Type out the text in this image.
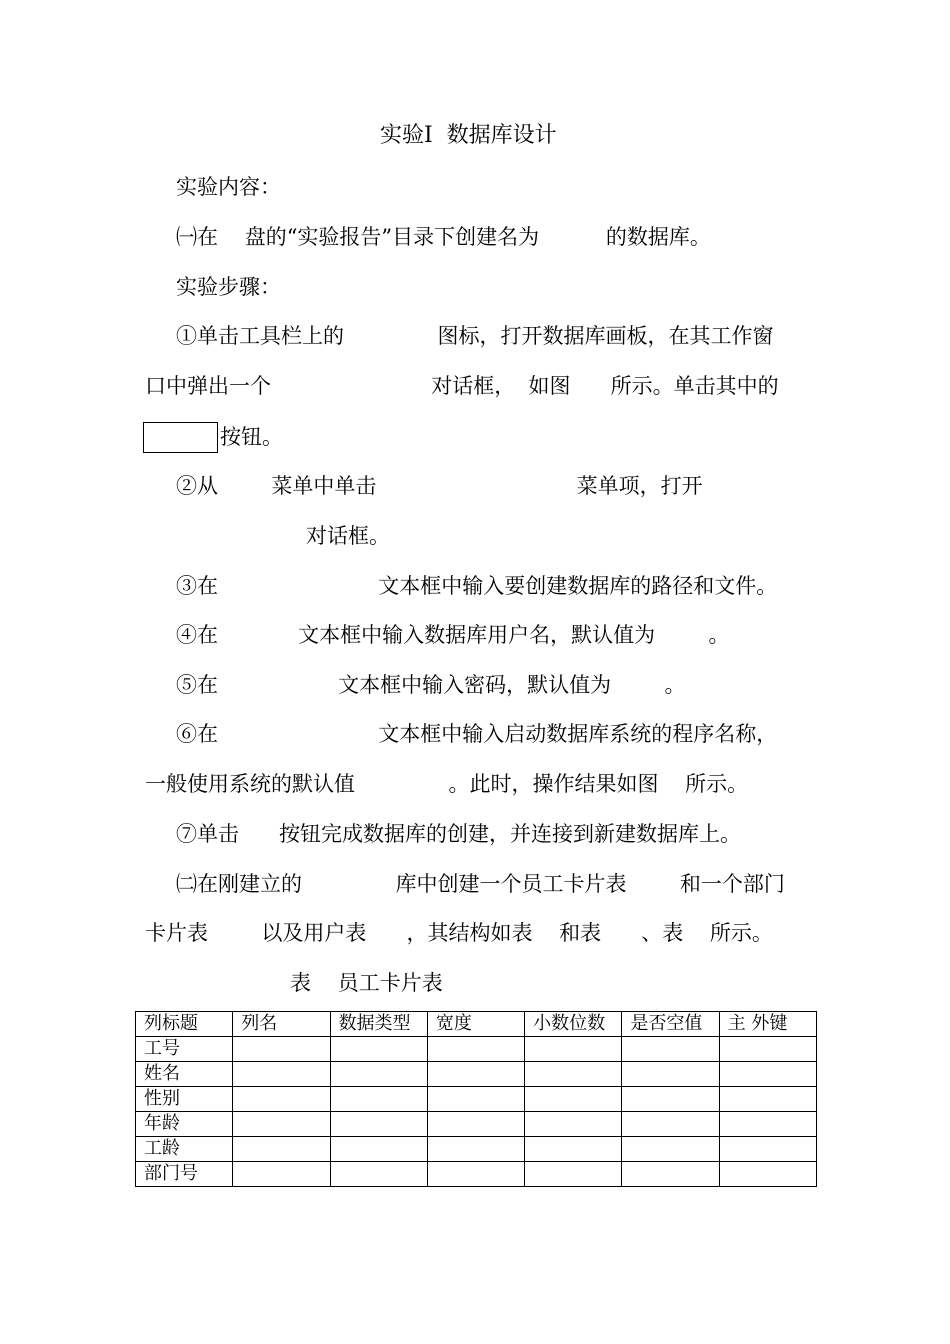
实验Ⅰ  数据库设计
实验内容：
㈠在    盘的“实验报告”目录下创建名为          的数据库。
实验步骤：
①单击工具栏上的              图标，打开数据库画板，在其工作窗
口中弹出一个                        对话框，  如图      所示。单击其中的
按钮。
②从        菜单中单击                              菜单项，打开
对话框。
③在                        文本框中输入要创建数据库的路径和文件。
④在            文本框中输入数据库用户名，默认值为        。
⑤在                  文本框中输入密码，默认值为        。
⑥在                        文本框中输入启动数据库系统的程序名称，
一般使用系统的默认值              。此时，操作结果如图    所示。
⑦单击      按钮完成数据库的创建，并连接到新建数据库上。
㈡在刚建立的              库中创建一个员工卡片表        和一个部门
卡片表        以及用户表      ，其结构如表    和表      、表    所示。
表    员工卡片表
列标题	列名	数据类型	宽度	小数位数	是否空值	主 外键
工号						
姓名						
性别						
年龄						
工龄						
部门号						
